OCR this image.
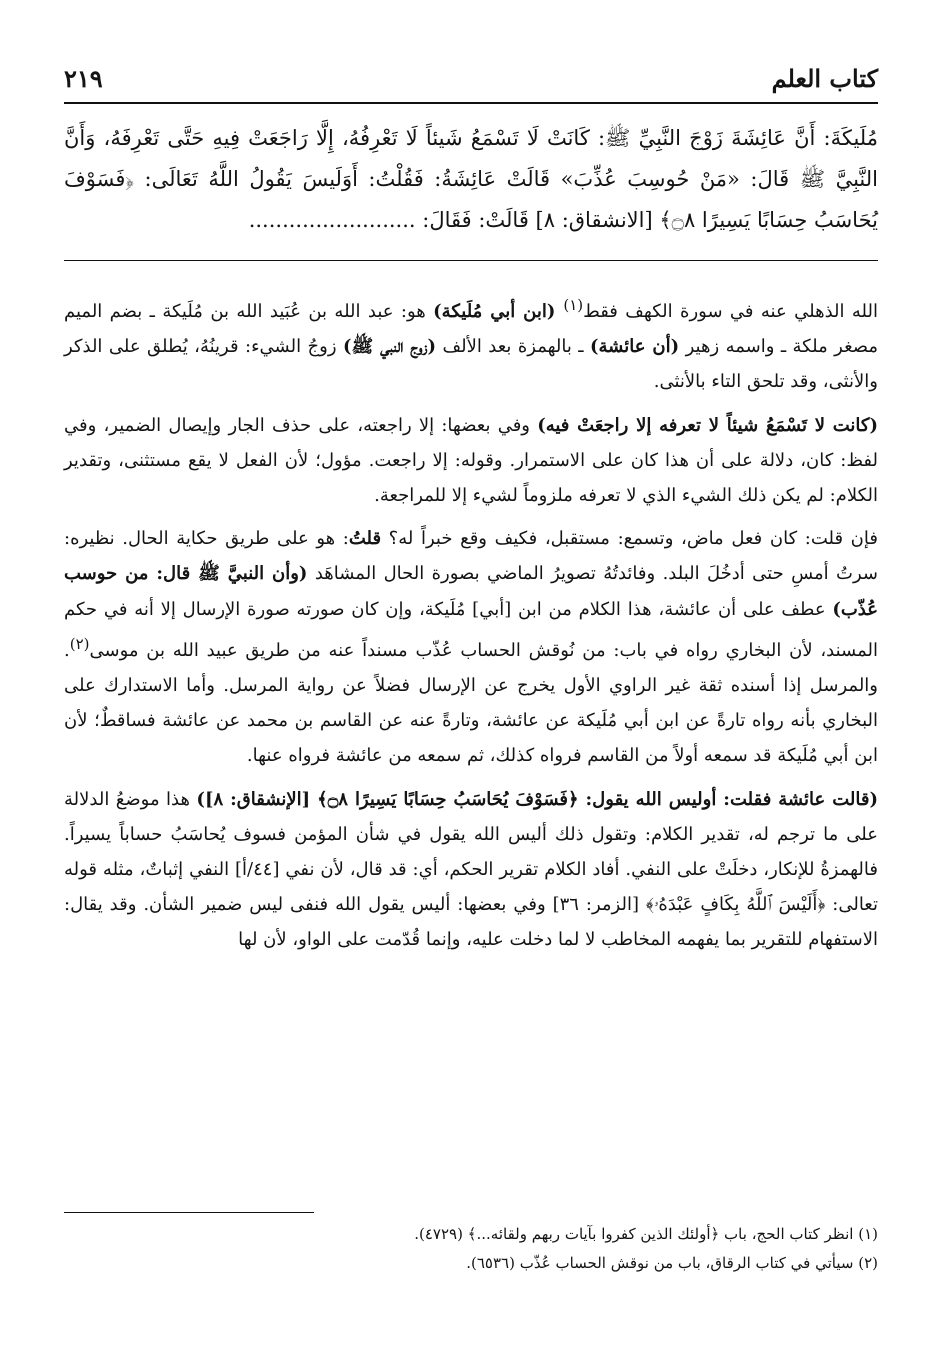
كتاب العلم
٢١٩
مُلَيكَةَ: أَنَّ عَائِشَةَ زَوْجَ النَّبِيِّ ﷺ: كَانَتْ لَا تَسْمَعُ شَيئاً لَا تَعْرِفُهُ، إِلَّا رَاجَعَتْ فِيهِ حَتَّى تَعْرِفَهُ، وَأَنَّ النَّبِيَّ ﷺ قَالَ: «مَنْ حُوسِبَ عُذِّبَ» قَالَتْ عَائِشَةُ: فَقُلْتُ: أَوَلَيسَ يَقُولُ اللَّهُ تَعَالَى: ﴿فَسَوْفَ يُحَاسَبُ حِسَابًا يَسِيرًا ۝٨﴾ [الانشقاق: ٨] قَالَتْ: فَقَالَ: .........................

الله الذهلي عنه في سورة الكهف فقط$^{(١)}$ (ابن أبي مُلَيكة) هو: عبد الله بن عُبَيد الله بن مُلَيكة ـ بضم الميم مصغر ملكة ـ واسمه زهير (أن عائشة) ـ بالهمزة بعد الألف (زوج النبي ﷺ) زوجُ الشيء: قرينُهُ، يُطلق على الذكر والأنثى، وقد تلحق التاء بالأنثى.

(كانت لا تَسْمَعُ شيئاً لا تعرفه إلا راجعَتْ فيه) وفي بعضها: إلا راجعته، على حذف الجار وإيصال الضمير، وفي لفظ: كان، دلالة على أن هذا كان على الاستمرار. وقوله: إلا راجعت. مؤول؛ لأن الفعل لا يقع مستثنى، وتقدير الكلام: لم يكن ذلك الشيء الذي لا تعرفه ملزوماً لشيء إلا للمراجعة.

فإن قلت: كان فعل ماض، وتسمع: مستقبل، فكيف وقع خبراً له؟ قلتُ: هو على طريق حكاية الحال. نظيره: سرتُ أمسِ حتى أدخُلَ البلد. وفائدتُهُ تصويرُ الماضي بصورة الحال المشاهَد (وأن النبيَّ ﷺ قال: من حوسب عُذّب) عطف على أن عائشة، هذا الكلام من ابن [أبي] مُلَيكة، وإن كان صورته صورة الإرسال إلا أنه في حكم المسند، لأن البخاري رواه في باب: من نُوقش الحساب عُذّب مسنداً عنه من طريق عبيد الله بن موسى$^{(٢)}$. والمرسل إذا أسنده ثقة غير الراوي الأول يخرج عن الإرسال فضلاً عن رواية المرسل. وأما الاستدارك على البخاري بأنه رواه تارةً عن ابن أبي مُلَيكة عن عائشة، وتارةً عنه عن القاسم بن محمد عن عائشة فساقطٌ؛ لأن ابن أبي مُلَيكة قد سمعه أولاً من القاسم فرواه كذلك، ثم سمعه من عائشة فرواه عنها.

(قالت عائشة فقلت: أوليس الله يقول: ﴿فَسَوْفَ يُحَاسَبُ حِسَابًا يَسِيرًا ۝٨﴾ [الإنشقاق: ٨]) هذا موضعُ الدلالة على ما ترجم له، تقدير الكلام: وتقول ذلك أليس الله يقول في شأن المؤمن فسوف يُحاسَبُ حساباً يسيراً. فالهمزةُ للإنكار، دخلَتْ على النفي. أفاد الكلام تقرير الحكم، أي: قد قال، لأن نفي [٤٤/أ] النفي إثباتٌ، مثله قوله تعالى: ﴿أَلَيْسَ ٱللَّهُ بِكَافٍ عَبْدَهُۥ﴾ [الزمر: ٣٦] وفي بعضها: أليس يقول الله فنفى ليس ضمير الشأن. وقد يقال: الاستفهام للتقرير بما يفهمه المخاطب لا لما دخلت عليه، وإنما قُدّمت على الواو، لأن لها

(١) انظر كتاب الحج، باب ﴿أولئك الذين كفروا بآيات ربهم ولقائه...﴾ (٤٧٢٩).
(٢) سيأتي في كتاب الرقاق، باب من نوقش الحساب عُذّب (٦٥٣٦).
